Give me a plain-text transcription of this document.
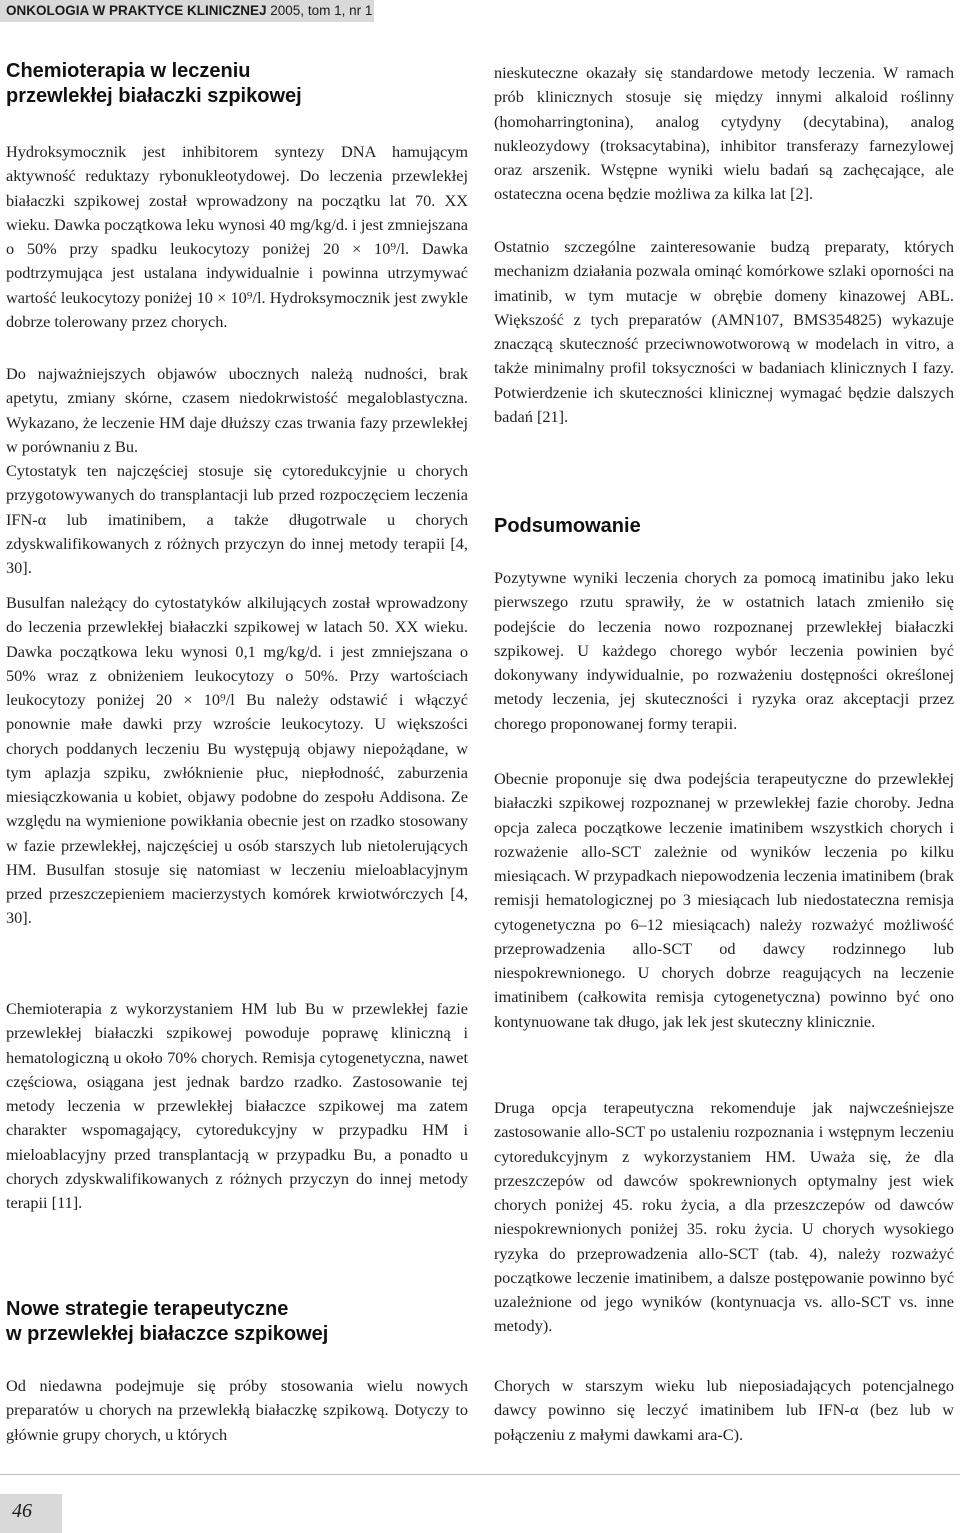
ONKOLOGIA W PRAKTYCE KLINICZNEJ 2005, tom 1, nr 1
Chemioterapia w leczeniu
przewlekłej białaczki szpikowej
Hydroksymocznik jest inhibitorem syntezy DNA hamującym aktywność reduktazy rybonukleotydowej. Do leczenia przewlekłej białaczki szpikowej został wprowadzony na początku lat 70. XX wieku. Dawka początkowa leku wynosi 40 mg/kg/d. i jest zmniejszana o 50% przy spadku leukocytozy poniżej 20 × 10⁹/l. Dawka podtrzymująca jest ustalana indywidualnie i powinna utrzymywać wartość leukocytozy poniżej 10 × 10⁹/l. Hydroksymocznik jest zwykle dobrze tolerowany przez chorych.
Do najważniejszych objawów ubocznych należą nudności, brak apetytu, zmiany skórne, czasem niedokrwistość megaloblastyczna. Wykazano, że leczenie HM daje dłuższy czas trwania fazy przewlekłej w porównaniu z Bu.
Cytostatyk ten najczęściej stosuje się cytoredukcyjnie u chorych przygotowywanych do transplantacji lub przed rozpoczęciem leczenia IFN-α lub imatinibem, a także długotrwale u chorych zdyskwalifikowanych z różnych przyczyn do innej metody terapii [4, 30].
Busulfan należący do cytostatyków alkilujących został wprowadzony do leczenia przewlekłej białaczki szpikowej w latach 50. XX wieku. Dawka początkowa leku wynosi 0,1 mg/kg/d. i jest zmniejszana o 50% wraz z obniżeniem leukocytozy o 50%. Przy wartościach leukocytozy poniżej 20 × 10⁹/l Bu należy odstawić i włączyć ponownie małe dawki przy wzroście leukocytozy. U większości chorych poddanych leczeniu Bu występują objawy niepożądane, w tym aplazja szpiku, zwłóknienie płuc, niepłodność, zaburzenia miesiączkowania u kobiet, objawy podobne do zespołu Addisona. Ze względu na wymienione powikłania obecnie jest on rzadko stosowany w fazie przewlekłej, najczęściej u osób starszych lub nietolerujących HM. Busulfan stosuje się natomiast w leczeniu mieloablacyjnym przed przeszczepieniem macierzystych komórek krwiotwórczych [4, 30].
Chemioterapia z wykorzystaniem HM lub Bu w przewlekłej fazie przewlekłej białaczki szpikowej powoduje poprawę kliniczną i hematologiczną u około 70% chorych. Remisja cytogenetyczna, nawet częściowa, osiągana jest jednak bardzo rzadko. Zastosowanie tej metody leczenia w przewlekłej białaczce szpikowej ma zatem charakter wspomagający, cytoredukcyjny w przypadku HM i mieloablacyjny przed transplantacją w przypadku Bu, a ponadto u chorych zdyskwalifikowanych z różnych przyczyn do innej metody terapii [11].
Nowe strategie terapeutyczne
w przewlekłej białaczce szpikowej
Od niedawna podejmuje się próby stosowania wielu nowych preparatów u chorych na przewlekłą białaczkę szpikową. Dotyczy to głównie grupy chorych, u których
nieskuteczne okazały się standardowe metody leczenia. W ramach prób klinicznych stosuje się między innymi alkaloid roślinny (homoharringtonina), analog cytydyny (decytabina), analog nukleozydowy (troksacytabina), inhibitor transferazy farnezylowej oraz arszenik. Wstępne wyniki wielu badań są zachęcające, ale ostateczna ocena będzie możliwa za kilka lat [2].
Ostatnio szczególne zainteresowanie budzą preparaty, których mechanizm działania pozwala ominąć komórkowe szlaki oporności na imatinib, w tym mutacje w obrębie domeny kinazowej ABL. Większość z tych preparatów (AMN107, BMS354825) wykazuje znaczącą skuteczność przeciwnowotworową w modelach in vitro, a także minimalny profil toksyczności w badaniach klinicznych I fazy. Potwierdzenie ich skuteczności klinicznej wymagać będzie dalszych badań [21].
Podsumowanie
Pozytywne wyniki leczenia chorych za pomocą imatinibu jako leku pierwszego rzutu sprawiły, że w ostatnich latach zmieniło się podejście do leczenia nowo rozpoznanej przewlekłej białaczki szpikowej. U każdego chorego wybór leczenia powinien być dokonywany indywidualnie, po rozważeniu dostępności określonej metody leczenia, jej skuteczności i ryzyka oraz akceptacji przez chorego proponowanej formy terapii.
Obecnie proponuje się dwa podejścia terapeutyczne do przewlekłej białaczki szpikowej rozpoznanej w przewlekłej fazie choroby. Jedna opcja zaleca początkowe leczenie imatinibem wszystkich chorych i rozważenie allo-SCT zależnie od wyników leczenia po kilku miesiącach. W przypadkach niepowodzenia leczenia imatinibem (brak remisji hematologicznej po 3 miesiącach lub niedostateczna remisja cytogenetyczna po 6–12 miesiącach) należy rozważyć możliwość przeprowadzenia allo-SCT od dawcy rodzinnego lub niespokrewnionego. U chorych dobrze reagujących na leczenie imatinibem (całkowita remisja cytogenetyczna) powinno być ono kontynuowane tak długo, jak lek jest skuteczny klinicznie.
Druga opcja terapeutyczna rekomenduje jak najwcześniejsze zastosowanie allo-SCT po ustaleniu rozpoznania i wstępnym leczeniu cytoredukcyjnym z wykorzystaniem HM. Uważa się, że dla przeszczepów od dawców spokrewnionych optymalny jest wiek chorych poniżej 45. roku życia, a dla przeszczepów od dawców niespokrewnionych poniżej 35. roku życia. U chorych wysokiego ryzyka do przeprowadzenia allo-SCT (tab. 4), należy rozważyć początkowe leczenie imatinibem, a dalsze postępowanie powinno być uzależnione od jego wyników (kontynuacja vs. allo-SCT vs. inne metody).
Chorych w starszym wieku lub nieposiadających potencjalnego dawcy powinno się leczyć imatinibem lub IFN-α (bez lub w połączeniu z małymi dawkami ara-C).
46
